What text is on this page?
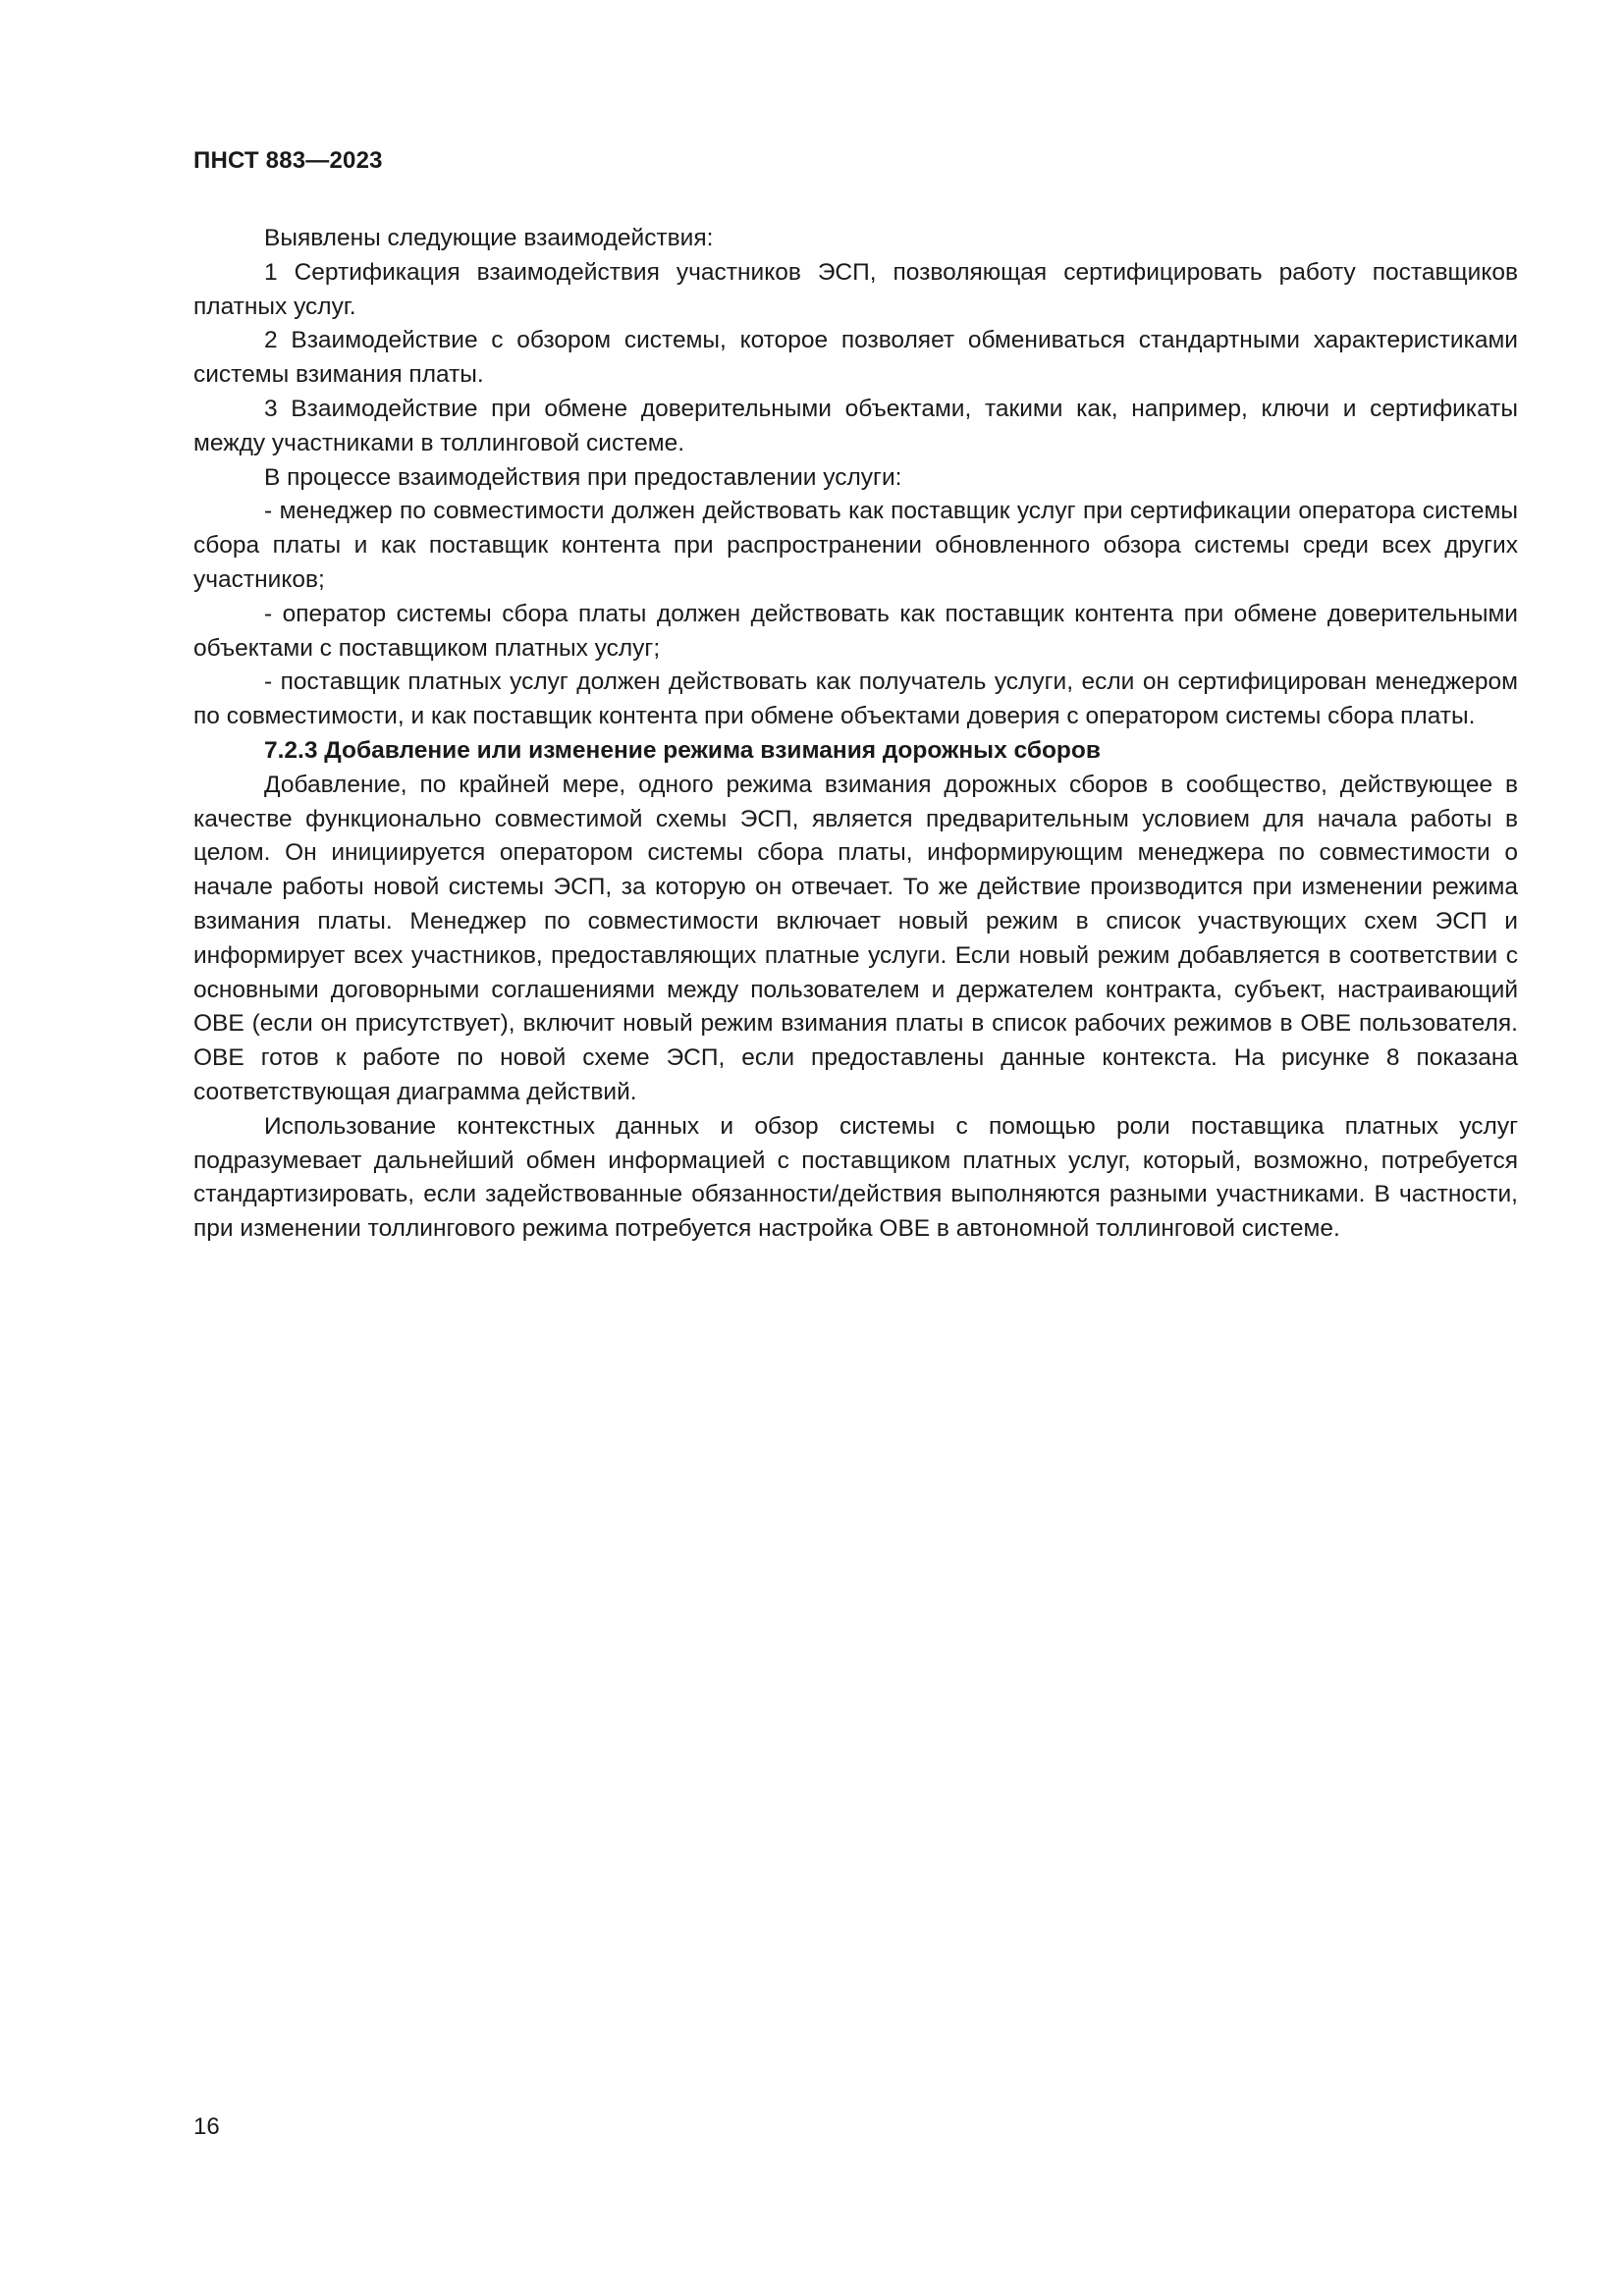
ПНСТ 883—2023

Выявлены следующие взаимодействия:

1 Сертификация взаимодействия участников ЭСП, позволяющая сертифицировать работу поставщиков платных услуг.

2 Взаимодействие с обзором системы, которое позволяет обмениваться стандартными характеристиками системы взимания платы.

3 Взаимодействие при обмене доверительными объектами, такими как, например, ключи и сертификаты между участниками в толлинговой системе.

В процессе взаимодействия при предоставлении услуги:

- менеджер по совместимости должен действовать как поставщик услуг при сертификации оператора системы сбора платы и как поставщик контента при распространении обновленного обзора системы среди всех других участников;

- оператор системы сбора платы должен действовать как поставщик контента при обмене доверительными объектами с поставщиком платных услуг;

- поставщик платных услуг должен действовать как получатель услуги, если он сертифицирован менеджером по совместимости, и как поставщик контента при обмене объектами доверия с оператором системы сбора платы.

7.2.3 Добавление или изменение режима взимания дорожных сборов

Добавление, по крайней мере, одного режима взимания дорожных сборов в сообщество, действующее в качестве функционально совместимой схемы ЭСП, является предварительным условием для начала работы в целом. Он инициируется оператором системы сбора платы, информирующим менеджера по совместимости о начале работы новой системы ЭСП, за которую он отвечает. То же действие производится при изменении режима взимания платы. Менеджер по совместимости включает новый режим в список участвующих схем ЭСП и информирует всех участников, предоставляющих платные услуги. Если новый режим добавляется в соответствии с основными договорными соглашениями между пользователем и держателем контракта, субъект, настраивающий OBE (если он присутствует), включит новый режим взимания платы в список рабочих режимов в OBE пользователя. OBE готов к работе по новой схеме ЭСП, если предоставлены данные контекста. На рисунке 8 показана соответствующая диаграмма действий.

Использование контекстных данных и обзор системы с помощью роли поставщика платных услуг подразумевает дальнейший обмен информацией с поставщиком платных услуг, который, возможно, потребуется стандартизировать, если задействованные обязанности/действия выполняются разными участниками. В частности, при изменении толлингового режима потребуется настройка OBE в автономной толлинговой системе.

16
